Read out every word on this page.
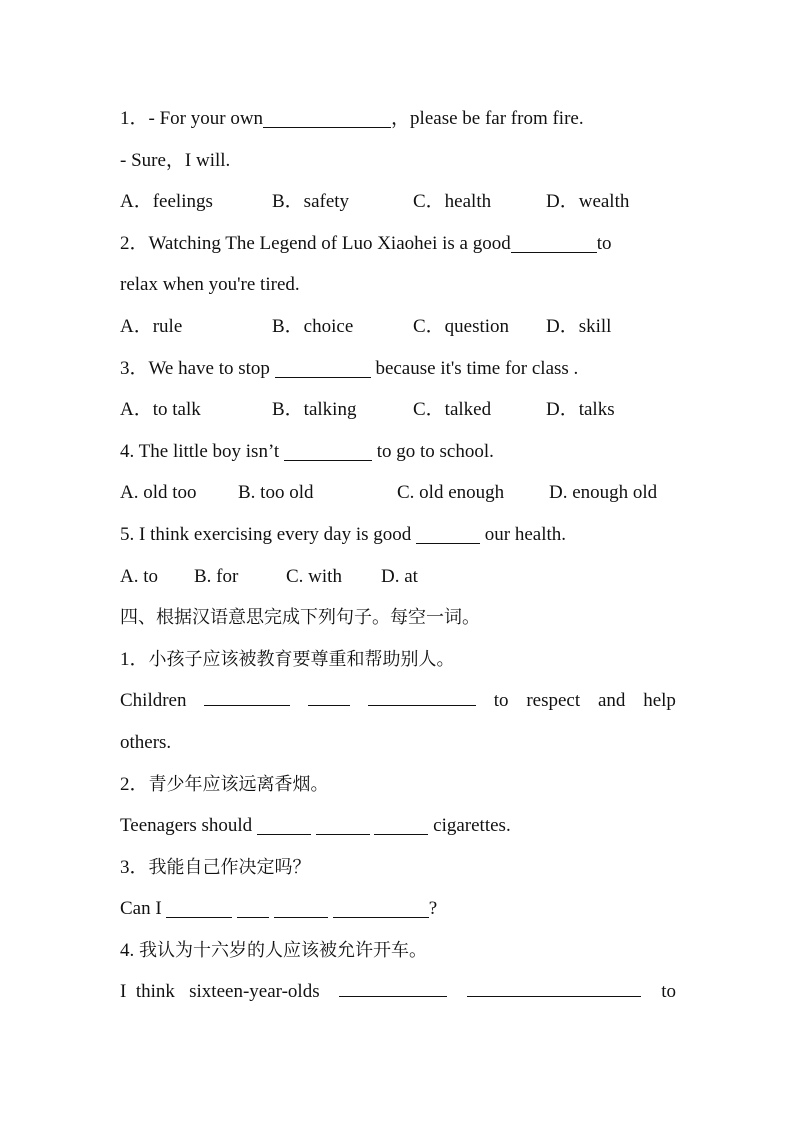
1．- For your own	，please be far from fire.
- Sure，I will.
A．feelings	B．safety	C．health	D．wealth
2．Watching The Legend of Luo Xiaohei is a good	to
relax when you're tired.
A．rule	B．choice	C．question D．skill
3．We have to stop	because it's time for class .
A．to talk	B．talking	C．talked	D．talks
4. The little boy isn’t	to go to school.
A. old too B. too old	C. old enough D. enough old
5. I think exercising every day is good	our health.
A. to B. for	C. with D. at
四、根据汉语意思完成下列句子。每空一词。
1．小孩子应该被教育要尊重和帮助别人。
Children	to respect and help
others.
2．青少年应该远离香烟。
Teenagers should	cigarettes.
3．我能自己作决定吗？
Can I	?
4. 我认为十六岁的人应该被允许开车。
I  think   sixteen-year-olds	to
